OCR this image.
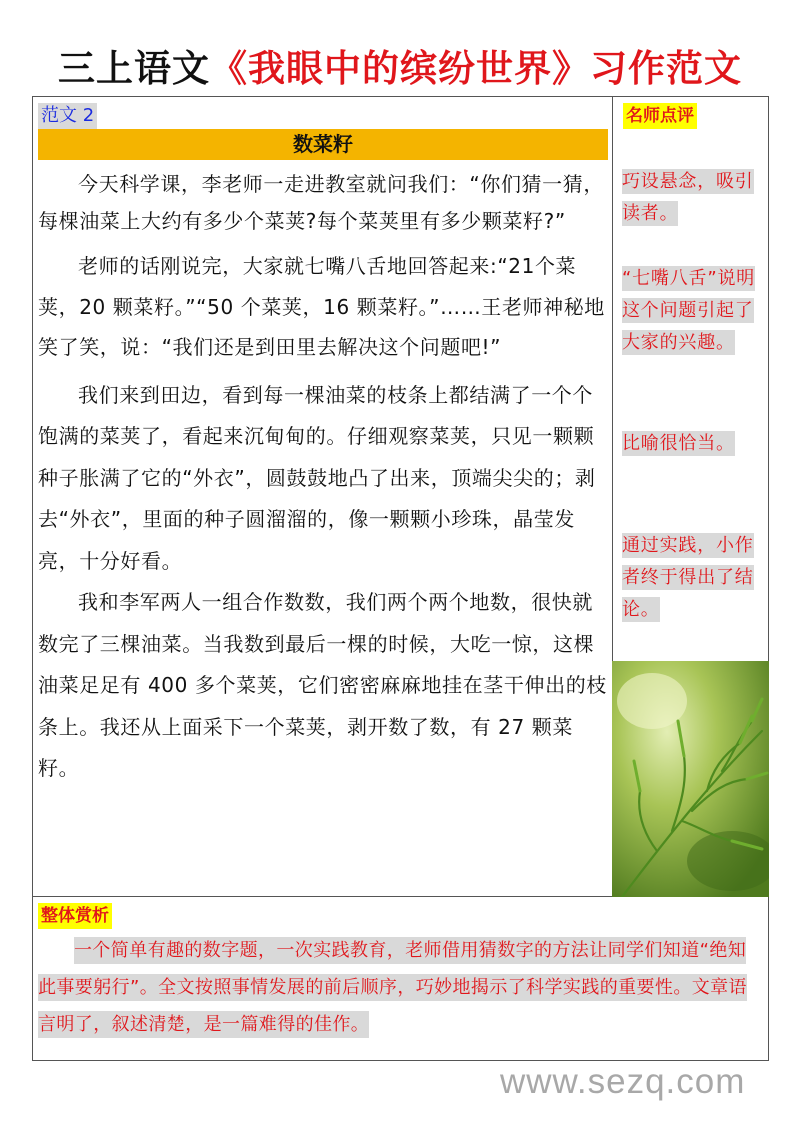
三上语文《我眼中的缤纷世界》习作范文
范文 2
数菜籽

今天科学课，李老师一走进教室就问我们：“你们猜一猜，每棵油菜上大约有多少个菜荚?每个菜荚里有多少颗菜籽?”

老师的话刚说完，大家就七嘴八舌地回答起来:“21个菜荚，20 颗菜籽。”“50 个菜荚，16 颗菜籽。”……王老师神秘地笑了笑，说：“我们还是到田里去解决这个问题吧!”

我们来到田边，看到每一棵油菜的枝条上都结满了一个个饱满的菜荚了，看起来沉甸甸的。仔细观察菜荚，只见一颗颗种子胀满了它的“外衣”，圆鼓鼓地凸了出来，顶端尖尖的；剥去“外衣”，里面的种子圆溜溜的，像一颗颗小珍珠，晶莹发亮，十分好看。

我和李军两人一组合作数数，我们两个两个地数，很快就数完了三棵油菜。当我数到最后一棵的时候，大吃一惊，这棵油菜足足有 400 多个菜荚，它们密密麻麻地挂在茎干伸出的枝条上。我还从上面采下一个菜荚，剥开数了数，有 27 颗菜籽。

名师点评
巧设悬念，吸引读者。
“七嘴八舌”说明这个问题引起了大家的兴趣。
比喻很恰当。
通过实践，小作者终于得出了结论。
整体赏析
一个简单有趣的数字题，一次实践教育，老师借用猜数字的方法让同学们知道“绝知此事要躬行”。全文按照事情发展的前后顺序，巧妙地揭示了科学实践的重要性。文章语言明了，叙述清楚，是一篇难得的佳作。
www.sezq.com
